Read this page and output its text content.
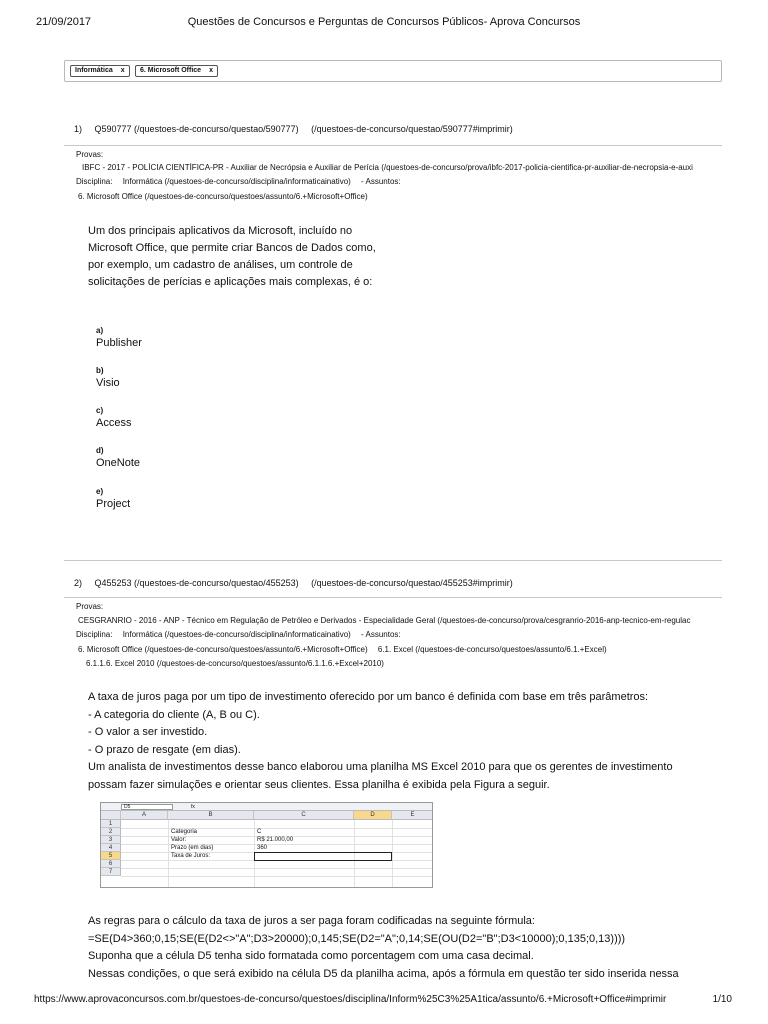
21/09/2017	Questões de Concursos e Perguntas de Concursos Públicos- Aprova Concursos
Informática x	6. Microsoft Office x
1) Q590777 (/questoes-de-concurso/questao/590777) (/questoes-de-concurso/questao/590777#imprimir)
Provas:
IBFC - 2017 - POLÍCIA CIENTÍFICA-PR - Auxiliar de Necrópsia e Auxiliar de Perícia (/questoes-de-concurso/prova/ibfc-2017-policia-cientifica-pr-auxiliar-de-necropsia-e-auxi
Disciplina: Informática (/questoes-de-concurso/disciplina/informaticainativo) - Assuntos:
6. Microsoft Office (/questoes-de-concurso/questoes/assunto/6.+Microsoft+Office)
Um dos principais aplicativos da Microsoft, incluído no Microsoft Office, que permite criar Bancos de Dados como, por exemplo, um cadastro de análises, um controle de solicitações de perícias e aplicações mais complexas, é o:
a)
Publisher
b)
Visio
c)
Access
d)
OneNote
e)
Project
2) Q455253 (/questoes-de-concurso/questao/455253) (/questoes-de-concurso/questao/455253#imprimir)
Provas:
CESGRANRIO - 2016 - ANP - Técnico em Regulação de Petróleo e Derivados - Especialidade Geral (/questoes-de-concurso/prova/cesgranrio-2016-anp-tecnico-em-regulac
Disciplina: Informática (/questoes-de-concurso/disciplina/informaticainativo) - Assuntos:
6. Microsoft Office (/questoes-de-concurso/questoes/assunto/6.+Microsoft+Office) 6.1. Excel (/questoes-de-concurso/questoes/assunto/6.1.+Excel)
6.1.1.6. Excel 2010 (/questoes-de-concurso/questoes/assunto/6.1.1.6.+Excel+2010)
A taxa de juros paga por um tipo de investimento oferecido por um banco é definida com base em três parâmetros:
- A categoria do cliente (A, B ou C).
- O valor a ser investido.
- O prazo de resgate (em dias).
Um analista de investimentos desse banco elaborou uma planilha MS Excel 2010 para que os gerentes de investimento
possam fazer simulações e orientar seus clientes. Essa planilha é exibida pela Figura a seguir.
D5	fx
A	B	C	D	E
1
2
3
4
5
6
7
Categoria	C
Valor:	R$ 21.000,00
Prazo (em dias)	360
Taxa de Juros:
As regras para o cálculo da taxa de juros a ser paga foram codificadas na seguinte fórmula:
=SE(D4>360;0,15;SE(E(D2<>"A";D3>20000);0,145;SE(D2="A";0,14;SE(OU(D2="B";D3<10000);0,135;0,13))))
Suponha que a célula D5 tenha sido formatada como porcentagem com uma casa decimal.
Nessas condições, o que será exibido na célula D5 da planilha acima, após a fórmula em questão ter sido inserida nessa
https://www.aprovaconcursos.com.br/questoes-de-concurso/questoes/disciplina/Inform%25C3%25A1tica/assunto/6.+Microsoft+Office#imprimir	1/10
